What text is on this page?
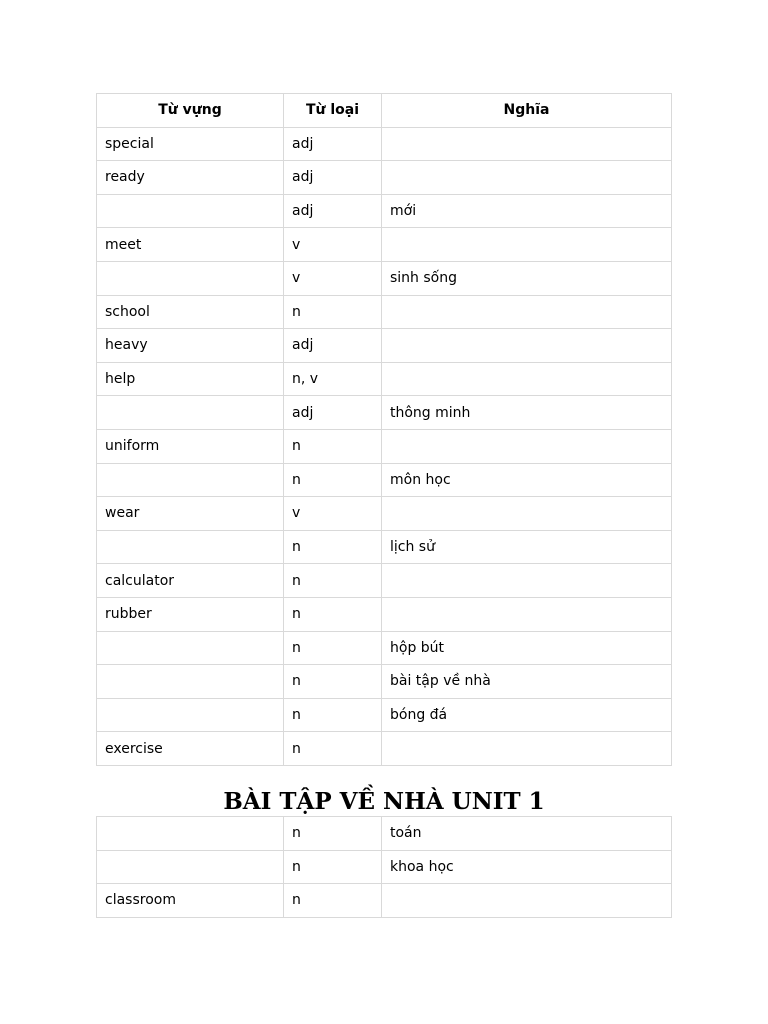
Từ vựng	Từ loại	Nghĩa
special	adj	
ready	adj	
	adj	mới
meet	v	
	v	sinh sống
school	n	
heavy	adj	
help	n, v	
	adj	thông minh
uniform	n	
	n	môn học
wear	v	
	n	lịch sử
calculator	n	
rubber	n	
	n	hộp bút
	n	bài tập về nhà
	n	bóng đá
exercise	n	
BÀI TẬP VỀ NHÀ UNIT 1
	n	toán
	n	khoa học
classroom	n	
